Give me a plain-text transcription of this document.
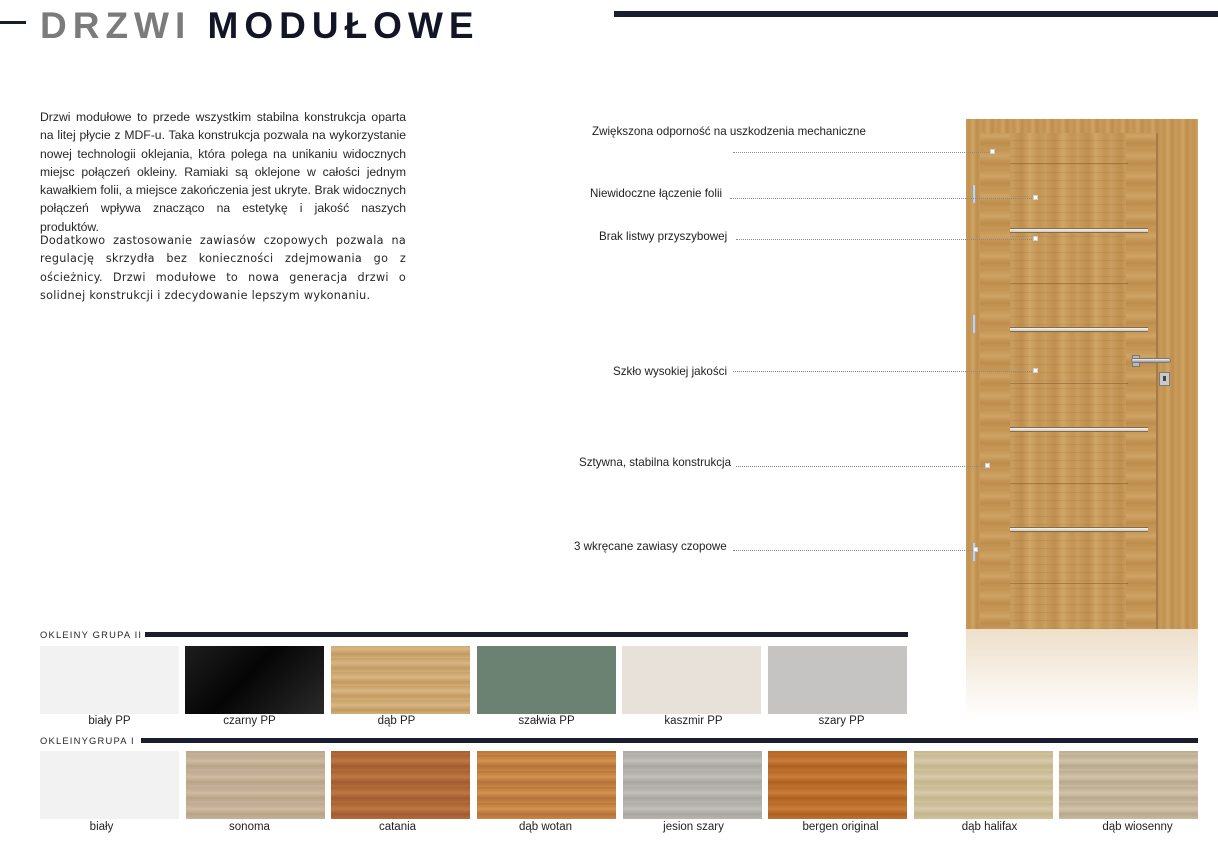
DRZWI MODUŁOWE

Drzwi modułowe to przede wszystkim stabilna konstrukcja oparta na litej płycie z MDF-u. Taka konstrukcja pozwala na wykorzystanie nowej technologii oklejania, która polega na unikaniu widocznych miejsc połączeń okleiny. Ramiaki są oklejone w całości jednym kawałkiem folii, a miejsce zakończenia jest ukryte. Brak widocznych połączeń wpływa znacząco na estetykę i jakość naszych produktów.

Dodatkowo zastosowanie zawiasów czopowych pozwala na regulację skrzydła bez konieczności zdejmowania go z ościeżnicy. Drzwi modułowe to nowa generacja drzwi o solidnej konstrukcji i zdecydowanie lepszym wykonaniu.

Zwiększona odporność na uszkodzenia mechaniczne
Niewidoczne łączenie folii
Brak listwy przyszybowej
Szkło wysokiej jakości
Sztywna, stabilna konstrukcja
3 wkręcane zawiasy czopowe
OKLEINY GRUPA II
biały PP	czarny PP	dąb PP	szałwia PP	kaszmir PP	szary PP
OKLEINYGRUPA I
biały	sonoma	catania	dąb wotan	jesion szary	bergen original	dąb halifax	dąb wiosenny
